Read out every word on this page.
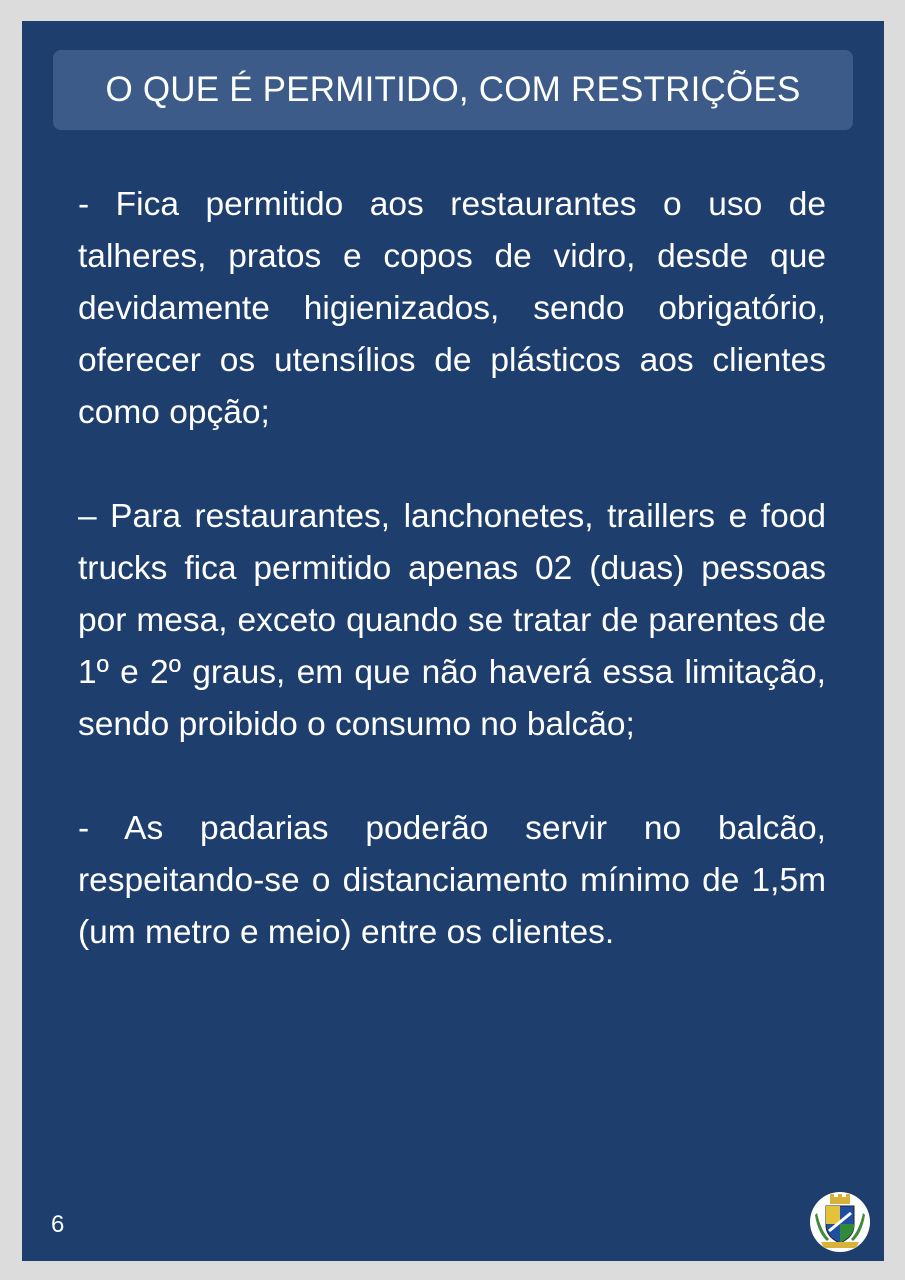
O QUE É PERMITIDO, COM RESTRIÇÕES

- Fica permitido aos restaurantes o uso de talheres, pratos e copos de vidro, desde que devidamente higienizados, sendo obrigatório, oferecer os utensílios de plásticos aos clientes como opção;

– Para restaurantes, lanchonetes, traillers e food trucks fica permitido apenas 02 (duas) pessoas por mesa, exceto quando se tratar de parentes de 1º e 2º graus, em que não haverá essa limitação, sendo proibido o consumo no balcão;

- As padarias poderão servir no balcão, respeitando-se o distanciamento mínimo de 1,5m (um metro e meio) entre os clientes.

6
